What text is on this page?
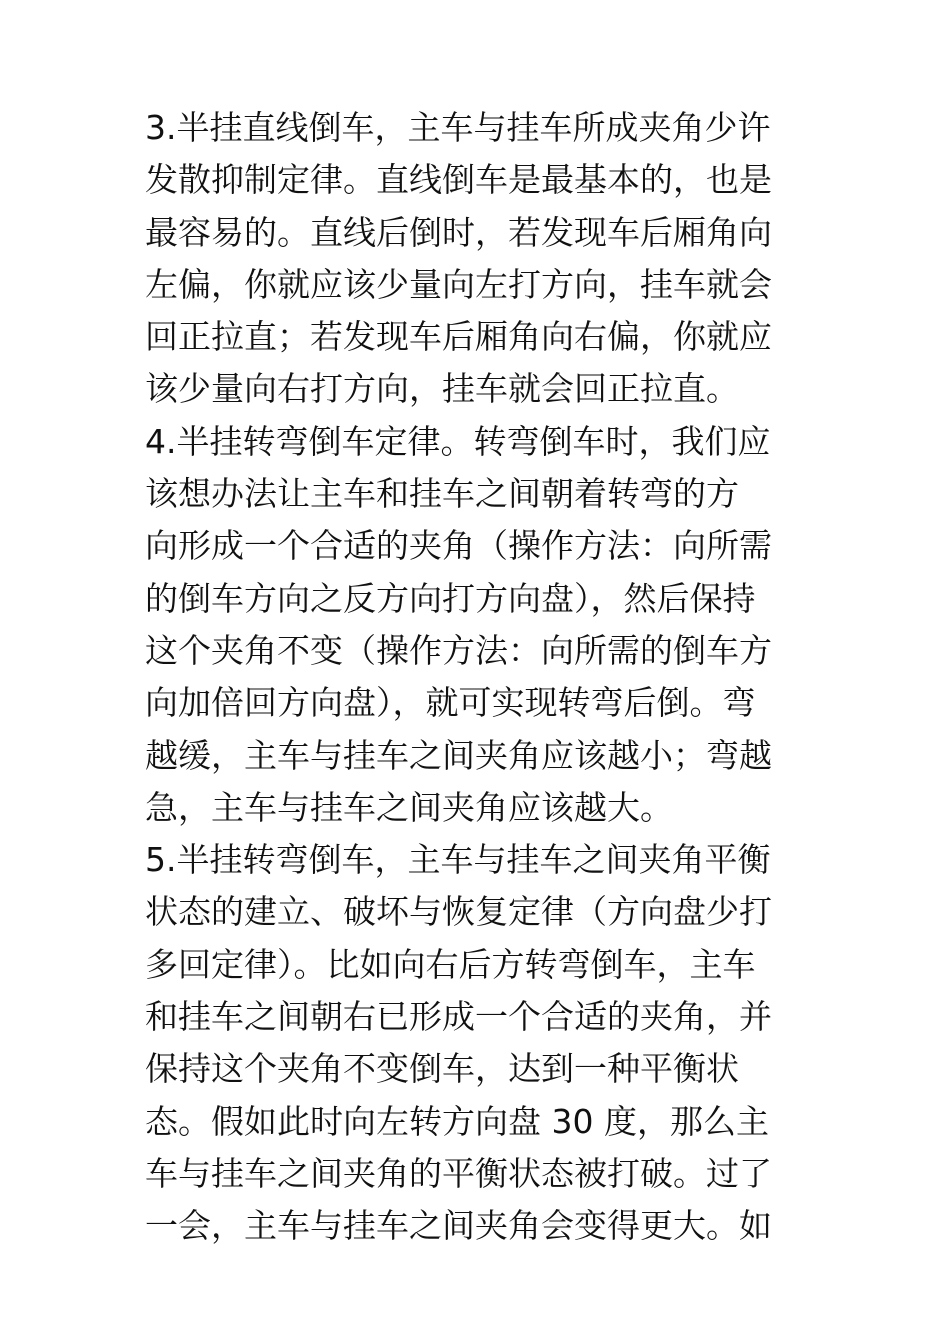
3.半挂直线倒车，主车与挂车所成夹角少许
发散抑制定律。直线倒车是最基本的，也是
最容易的。直线后倒时，若发现车后厢角向
左偏，你就应该少量向左打方向，挂车就会
回正拉直；若发现车后厢角向右偏，你就应
该少量向右打方向，挂车就会回正拉直。
4.半挂转弯倒车定律。转弯倒车时，我们应
该想办法让主车和挂车之间朝着转弯的方
向形成一个合适的夹角（操作方法：向所需
的倒车方向之反方向打方向盘），然后保持
这个夹角不变（操作方法：向所需的倒车方
向加倍回方向盘），就可实现转弯后倒。弯
越缓，主车与挂车之间夹角应该越小；弯越
急，主车与挂车之间夹角应该越大。
5.半挂转弯倒车，主车与挂车之间夹角平衡
状态的建立、破坏与恢复定律（方向盘少打
多回定律）。比如向右后方转弯倒车，主车
和挂车之间朝右已形成一个合适的夹角，并
保持这个夹角不变倒车，达到一种平衡状
态。假如此时向左转方向盘 30 度，那么主
车与挂车之间夹角的平衡状态被打破。过了
一会，主车与挂车之间夹角会变得更大。如
